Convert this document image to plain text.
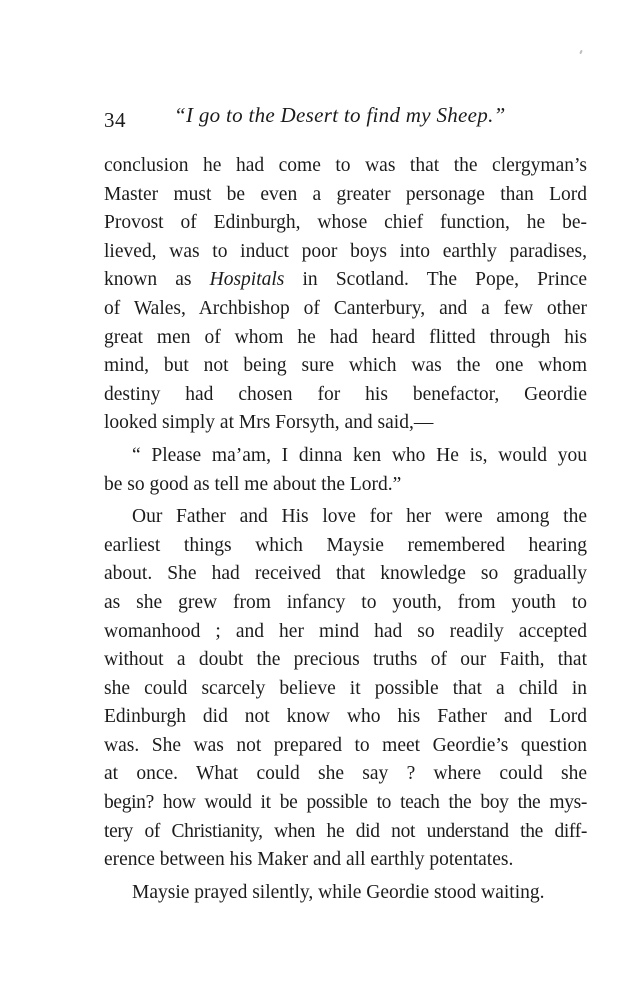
34 “I go to the Desert to find my Sheep.”
conclusion he had come to was that the clergyman’s
Master must be even a greater personage than Lord
Provost of Edinburgh, whose chief function, he be-
lieved, was to induct poor boys into earthly paradises,
known as Hospitals in Scotland. The Pope, Prince
of Wales, Archbishop of Canterbury, and a few other
great men of whom he had heard flitted through his
mind, but not being sure which was the one whom
destiny had chosen for his benefactor, Geordie
looked simply at Mrs Forsyth, and said,—
“ Please ma’am, I dinna ken who He is, would you
be so good as tell me about the Lord.”
Our Father and His love for her were among the
earliest things which Maysie remembered hearing
about. She had received that knowledge so gradually
as she grew from infancy to youth, from youth to
womanhood ; and her mind had so readily accepted
without a doubt the precious truths of our Faith, that
she could scarcely believe it possible that a child in
Edinburgh did not know who his Father and Lord
was. She was not prepared to meet Geordie’s question
at once. What could she say ? where could she
begin? how would it be possible to teach the boy the mys-
tery of Christianity, when he did not understand the diff-
erence between his Maker and all earthly potentates.
Maysie prayed silently, while Geordie stood waiting.
